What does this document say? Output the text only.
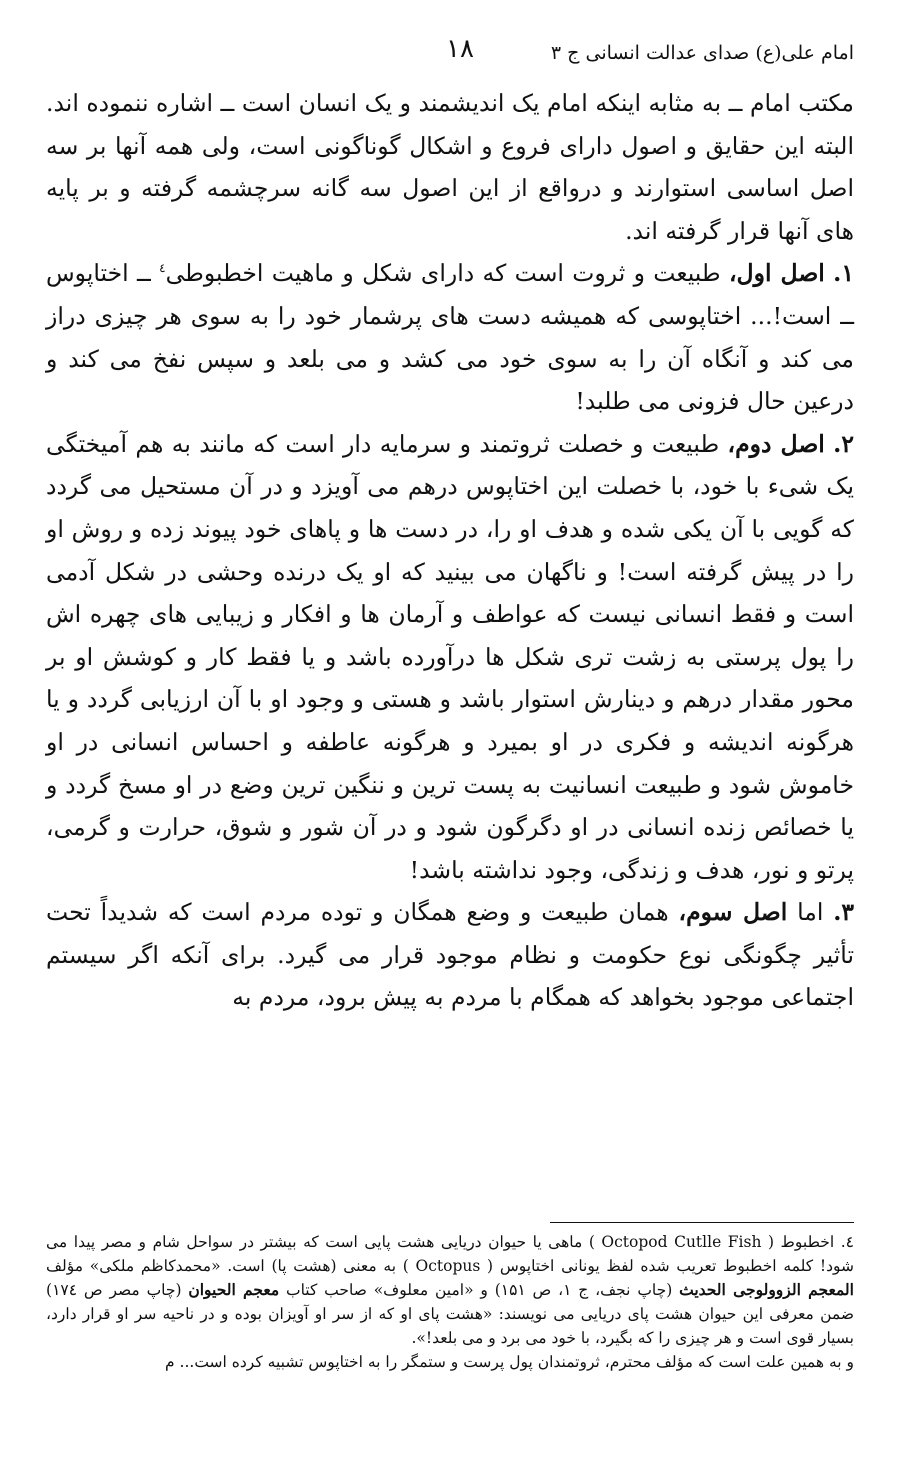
امام علی(ع) صدای عدالت انسانی ج ۳
۱۸

مکتب امام ــ به مثابه اینکه امام یک اندیشمند و یک انسان است ــ اشاره ننموده اند. البته این حقایق و اصول دارای فروع و اشکال گوناگونی است، ولی همه آنها بر سه اصل اساسی استوارند و درواقع از این اصول سه گانه سرچشمه گرفته و بر پایه های آنها قرار گرفته اند.

۱. اصل اول، طبیعت و ثروت است که دارای شکل و ماهیت اخطبوطی$^٤$ ــ اختاپوس ــ است!... اختاپوسی که همیشه دست های پرشمار خود را به سوی هر چیزی دراز می کند و آنگاه آن را به سوی خود می کشد و می بلعد و سپس نفخ می کند و درعین حال فزونی می طلبد!

۲. اصل دوم، طبیعت و خصلت ثروتمند و سرمایه دار است که مانند به هم آمیختگی یک شیء با خود، با خصلت این اختاپوس درهم می آویزد و در آن مستحیل می گردد که گویی با آن یکی شده و هدف او را، در دست ها و پاهای خود پیوند زده و روش او را در پیش گرفته است! و ناگهان می بینید که او یک درنده وحشی در شکل آدمی است و فقط انسانی نیست که عواطف و آرمان ها و افکار و زیبایی های چهره اش را پول پرستی به زشت تری شکل ها درآورده باشد و یا فقط کار و کوشش او بر محور مقدار درهم و دینارش استوار باشد و هستی و وجود او با آن ارزیابی گردد و یا هرگونه اندیشه و فکری در او بمیرد و هرگونه عاطفه و احساس انسانی در او خاموش شود و طبیعت انسانیت به پست ترین و ننگین ترین وضع در او مسخ گردد و یا خصائص زنده انسانی در او دگرگون شود و در آن شور و شوق، حرارت و گرمی، پرتو و نور، هدف و زندگی، وجود نداشته باشد!

۳. اما اصل سوم، همان طبیعت و وضع همگان و توده مردم است که شدیداً تحت تأثیر چگونگی نوع حکومت و نظام موجود قرار می گیرد. برای آنکه اگر سیستم اجتماعی موجود بخواهد که همگام با مردم به پیش برود، مردم به

٤. اخطبوط ( Octopod Cutlle Fish ) ماهی یا حیوان دریایی هشت پایی است که بیشتر در سواحل شام و مصر پیدا می شود! کلمه اخطبوط تعریب شده لفظ یونانی اختاپوس ( Octopus ) به معنی (هشت پا) است. «محمدکاظم ملکی» مؤلف المعجم الزوولوجی الحدیث (چاپ نجف، ج ۱، ص ۱۵۱) و «امین معلوف» صاحب کتاب معجم الحیوان (چاپ مصر ص ۱۷٤) ضمن معرفی این حیوان هشت پای دریایی می نویسند: «هشت پای او که از سر او آویزان بوده و در ناحیه سر او قرار دارد، بسیار قوی است و هر چیزی را که بگیرد، با خود می برد و می بلعد!».

و به همین علت است که مؤلف محترم، ثروتمندان پول پرست و ستمگر را به اختاپوس تشبیه کرده است... م
